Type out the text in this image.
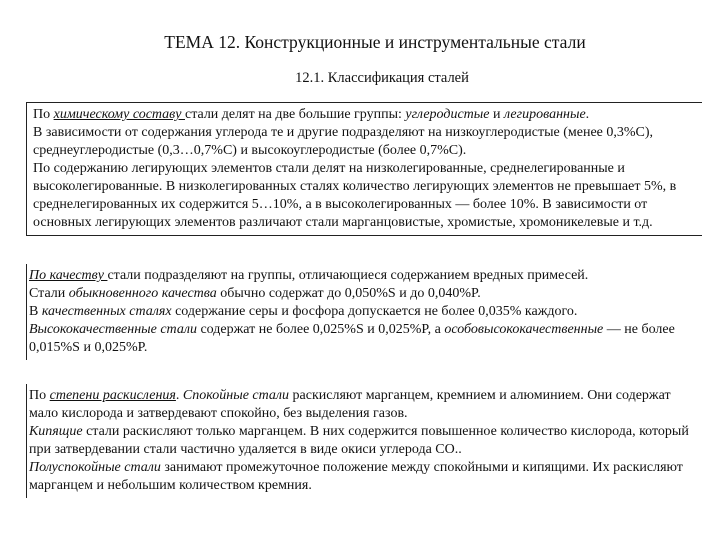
ТЕМА 12. Конструкционные и инструментальные стали
12.1. Классификация сталей

По химическому составу стали делят на две большие группы: углеродистые и легированные.

В зависимости от содержания углерода те и другие подразделяют на низкоуглеродистые (менее 0,3%С), среднеуглеродистые (0,3…0,7%С) и высокоуглеродистые (более 0,7%С).

По содержанию легирующих элементов стали делят на низколегированные, среднелегированные и высоколегированные. В низколегированных сталях количество легирующих элементов не превышает 5%, в среднелегированных их содержится 5…10%, а в высоколегированных — более 10%. В зависимости от основных легирующих элементов различают стали марганцовистые, хромистые, хромоникелевые и т.д.

По качеству стали подразделяют на группы, отличающиеся содержанием вредных примесей.

Стали обыкновенного качества обычно содержат до 0,050%S и до 0,040%P.

В качественных сталях содержание серы и фосфора допускается не более 0,035% каждого.

Высококачественные стали содержат не более 0,025%S и 0,025%P, а особовысококачественные — не более 0,015%S и 0,025%P.

По степени раскисления. Спокойные стали раскисляют марганцем, кремнием и алюминием. Они содержат мало кислорода и затвердевают спокойно, без выделения газов.

Кипящие стали раскисляют только марганцем. В них содержится повышенное количество кислорода, который при затвердевании стали частично удаляется в виде окиси углерода СО..

Полуспокойные стали занимают промежуточное положение между спокойными и кипящими. Их раскисляют марганцем и небольшим количеством кремния.
